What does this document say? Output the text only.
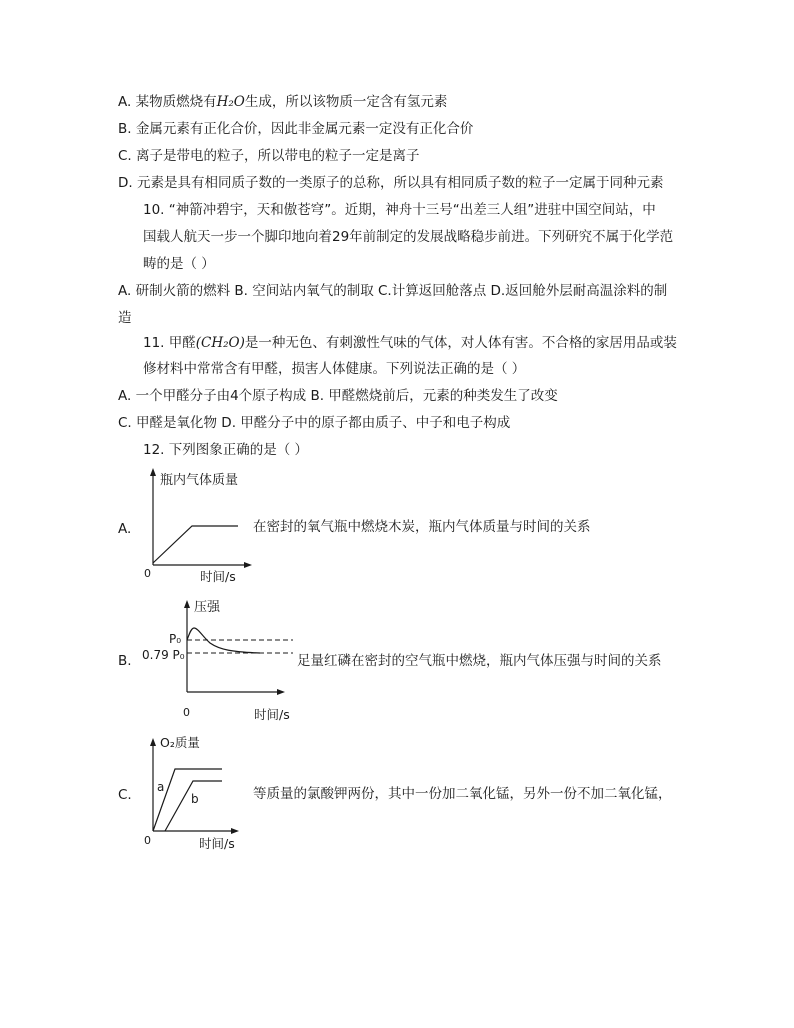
A. 某物质燃烧有H₂O生成，所以该物质一定含有氢元素
B. 金属元素有正化合价，因此非金属元素一定没有正化合价
C. 离子是带电的粒子，所以带电的粒子一定是离子
D. 元素是具有相同质子数的一类原子的总称，所以具有相同质子数的粒子一定属于同种元素
10. “神箭冲碧宇，天和傲苍穹”。近期，神舟十三号“出差三人组”进驻中国空间站，中
国载人航天一步一个脚印地向着29年前制定的发展战略稳步前进。下列研究不属于化学范
畴的是（ ）
A. 研制火箭的燃料 B. 空间站内氧气的制取 C.计算返回舱落点 D.返回舱外层耐高温涂料的制
造
11. 甲醛(CH₂O)是一种无色、有刺激性气味的气体，对人体有害。不合格的家居用品或装
修材料中常常含有甲醛，损害人体健康。下列说法正确的是（ ）
A. 一个甲醛分子由4个原子构成 B. 甲醛燃烧前后，元素的种类发生了改变
C. 甲醛是氧化物 D. 甲醛分子中的原子都由质子、中子和电子构成
12. 下列图象正确的是（ ）
A.
瓶内气体质量
0	时间/s
在密封的氧气瓶中燃烧木炭，瓶内气体质量与时间的关系
B.
压强
P₀
0.79 P₀
0	时间/s
足量红磷在密封的空气瓶中燃烧，瓶内气体压强与时间的关系
C.
O₂质量
a
b
0	时间/s
等质量的氯酸钾两份，其中一份加二氧化锰，另外一份不加二氧化锰，
